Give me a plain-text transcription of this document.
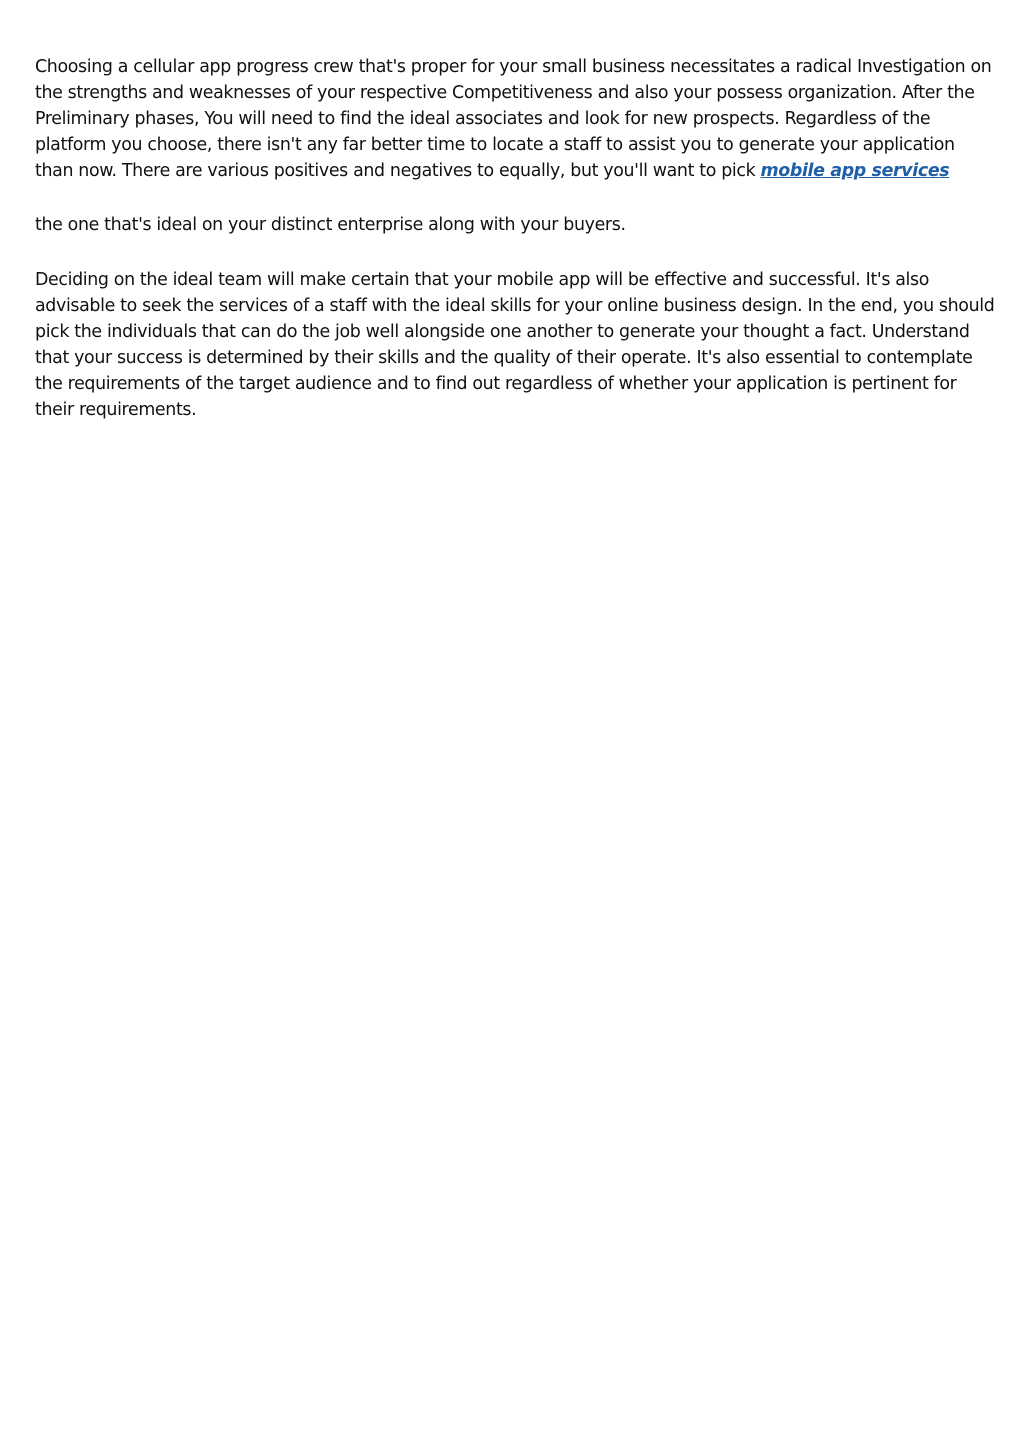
Choosing a cellular app progress crew that's proper for your small business necessitates a radical Investigation on the strengths and weaknesses of your respective Competitiveness and also your possess organization. After the Preliminary phases, You will need to find the ideal associates and look for new prospects. Regardless of the platform you choose, there isn't any far better time to locate a staff to assist you to generate your application than now. There are various positives and negatives to equally, but you'll want to pick mobile app services

the one that's ideal on your distinct enterprise along with your buyers.

Deciding on the ideal team will make certain that your mobile app will be effective and successful. It's also advisable to seek the services of a staff with the ideal skills for your online business design. In the end, you should pick the individuals that can do the job well alongside one another to generate your thought a fact. Understand that your success is determined by their skills and the quality of their operate. It's also essential to contemplate the requirements of the target audience and to find out regardless of whether your application is pertinent for their requirements.
